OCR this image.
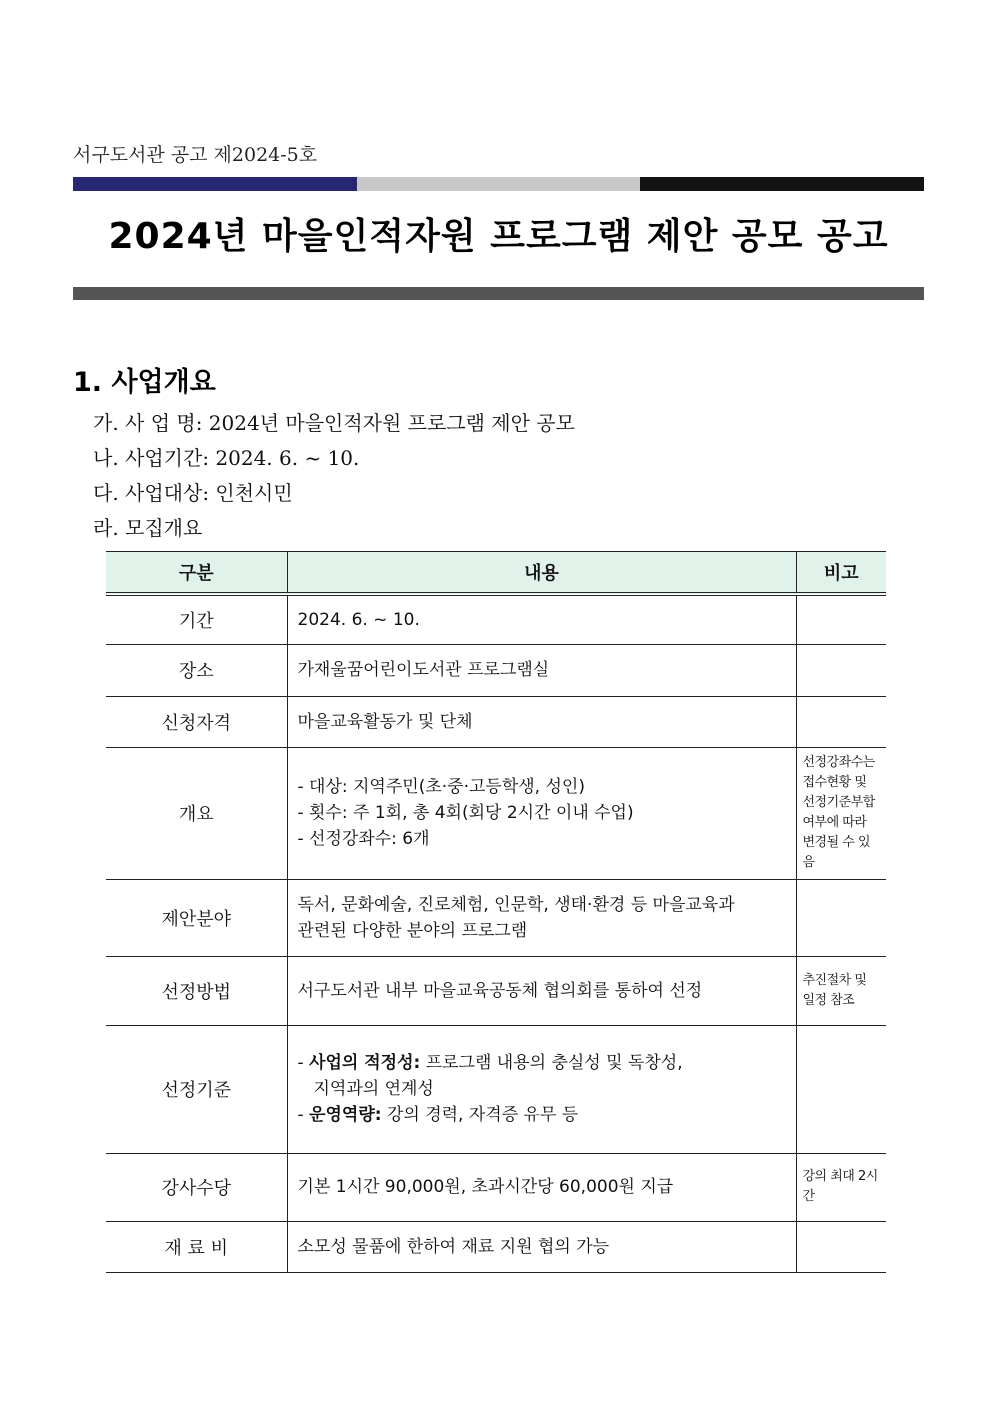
서구도서관 공고 제2024-5호
2024년 마을인적자원 프로그램 제안 공모 공고
1. 사업개요
가. 사 업 명: 2024년 마을인적자원 프로그램 제안 공모
나. 사업기간: 2024. 6. ~ 10.
다. 사업대상: 인천시민
라. 모집개요
구분	내용	비고
기간	2024. 6. ~ 10.	
장소	가재울꿈어린이도서관 프로그램실	
신청자격	마을교육활동가 및 단체	
개요	- 대상: 지역주민(초·중·고등학생, 성인)
- 횟수: 주 1회, 총 4회(회당 2시간 이내 수업)
- 선정강좌수: 6개	선정강좌수는 접수현황 및 선정기준부합 여부에 따라 변경될 수 있음
제안분야	독서, 문화예술, 진로체험, 인문학, 생태·환경 등 마을교육과
관련된 다양한 분야의 프로그램	

선정방법	서구도서관 내부 마을교육공동체 협의회를 통하여 선정	추진절차 및 일정 참조
선정기준	- 사업의 적정성: 프로그램 내용의 충실성 및 독창성,
지역과의 연계성
- 운영역량: 강의 경력, 자격증 유무 등	

강사수당	기본 1시간 90,000원, 초과시간당 60,000원 지급	강의 최대 2시간
재 료 비	소모성 물품에 한하여 재료 지원 협의 가능	
